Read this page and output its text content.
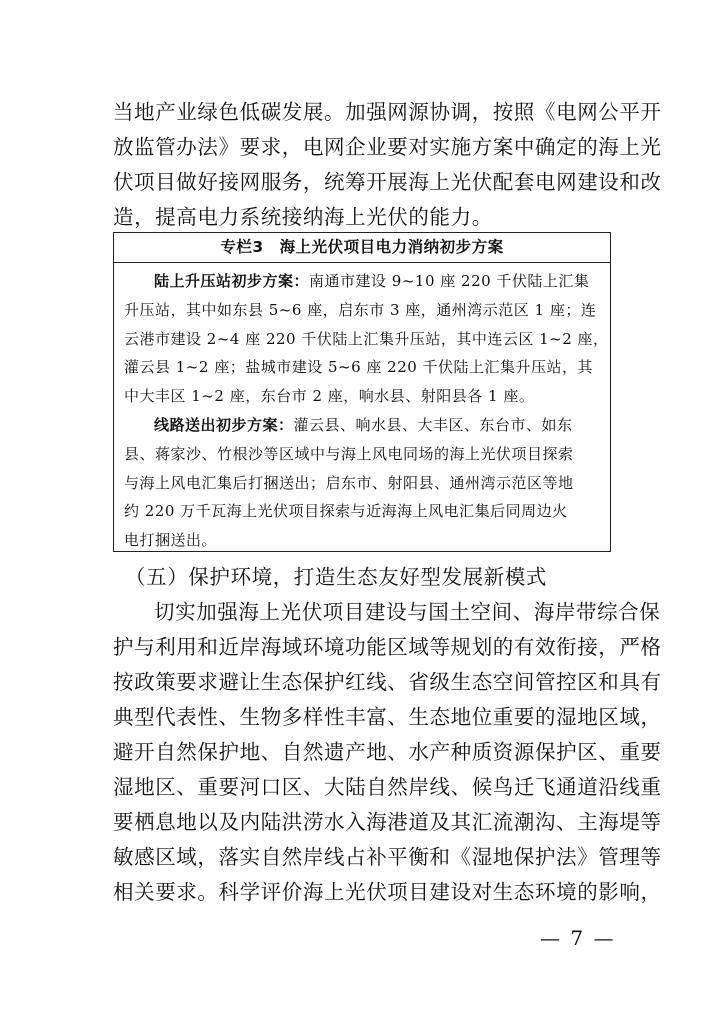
当地产业绿色低碳发展。加强网源协调，按照《电网公平开
放监管办法》要求，电网企业要对实施方案中确定的海上光
伏项目做好接网服务，统筹开展海上光伏配套电网建设和改
造，提高电力系统接纳海上光伏的能力。
专栏3　海上光伏项目电力消纳初步方案
陆上升压站初步方案：南通市建设 9~10 座 220 千伏陆上汇集
升压站，其中如东县 5~6 座，启东市 3 座，通州湾示范区 1 座；连
云港市建设 2~4 座 220 千伏陆上汇集升压站，其中连云区 1~2 座，
灌云县 1~2 座；盐城市建设 5~6 座 220 千伏陆上汇集升压站，其
中大丰区 1~2 座，东台市 2 座，响水县、射阳县各 1 座。
线路送出初步方案：灌云县、响水县、大丰区、东台市、如东
县、蒋家沙、竹根沙等区域中与海上风电同场的海上光伏项目探索
与海上风电汇集后打捆送出；启东市、射阳县、通州湾示范区等地
约 220 万千瓦海上光伏项目探索与近海海上风电汇集后同周边火
电打捆送出。
（五）保护环境，打造生态友好型发展新模式
切实加强海上光伏项目建设与国土空间、海岸带综合保
护与利用和近岸海域环境功能区域等规划的有效衔接，严格
按政策要求避让生态保护红线、省级生态空间管控区和具有
典型代表性、生物多样性丰富、生态地位重要的湿地区域，
避开自然保护地、自然遗产地、水产种质资源保护区、重要
湿地区、重要河口区、大陆自然岸线、候鸟迁飞通道沿线重
要栖息地以及内陆洪涝水入海港道及其汇流潮沟、主海堤等
敏感区域，落实自然岸线占补平衡和《湿地保护法》管理等
相关要求。科学评价海上光伏项目建设对生态环境的影响，
— 7 —
